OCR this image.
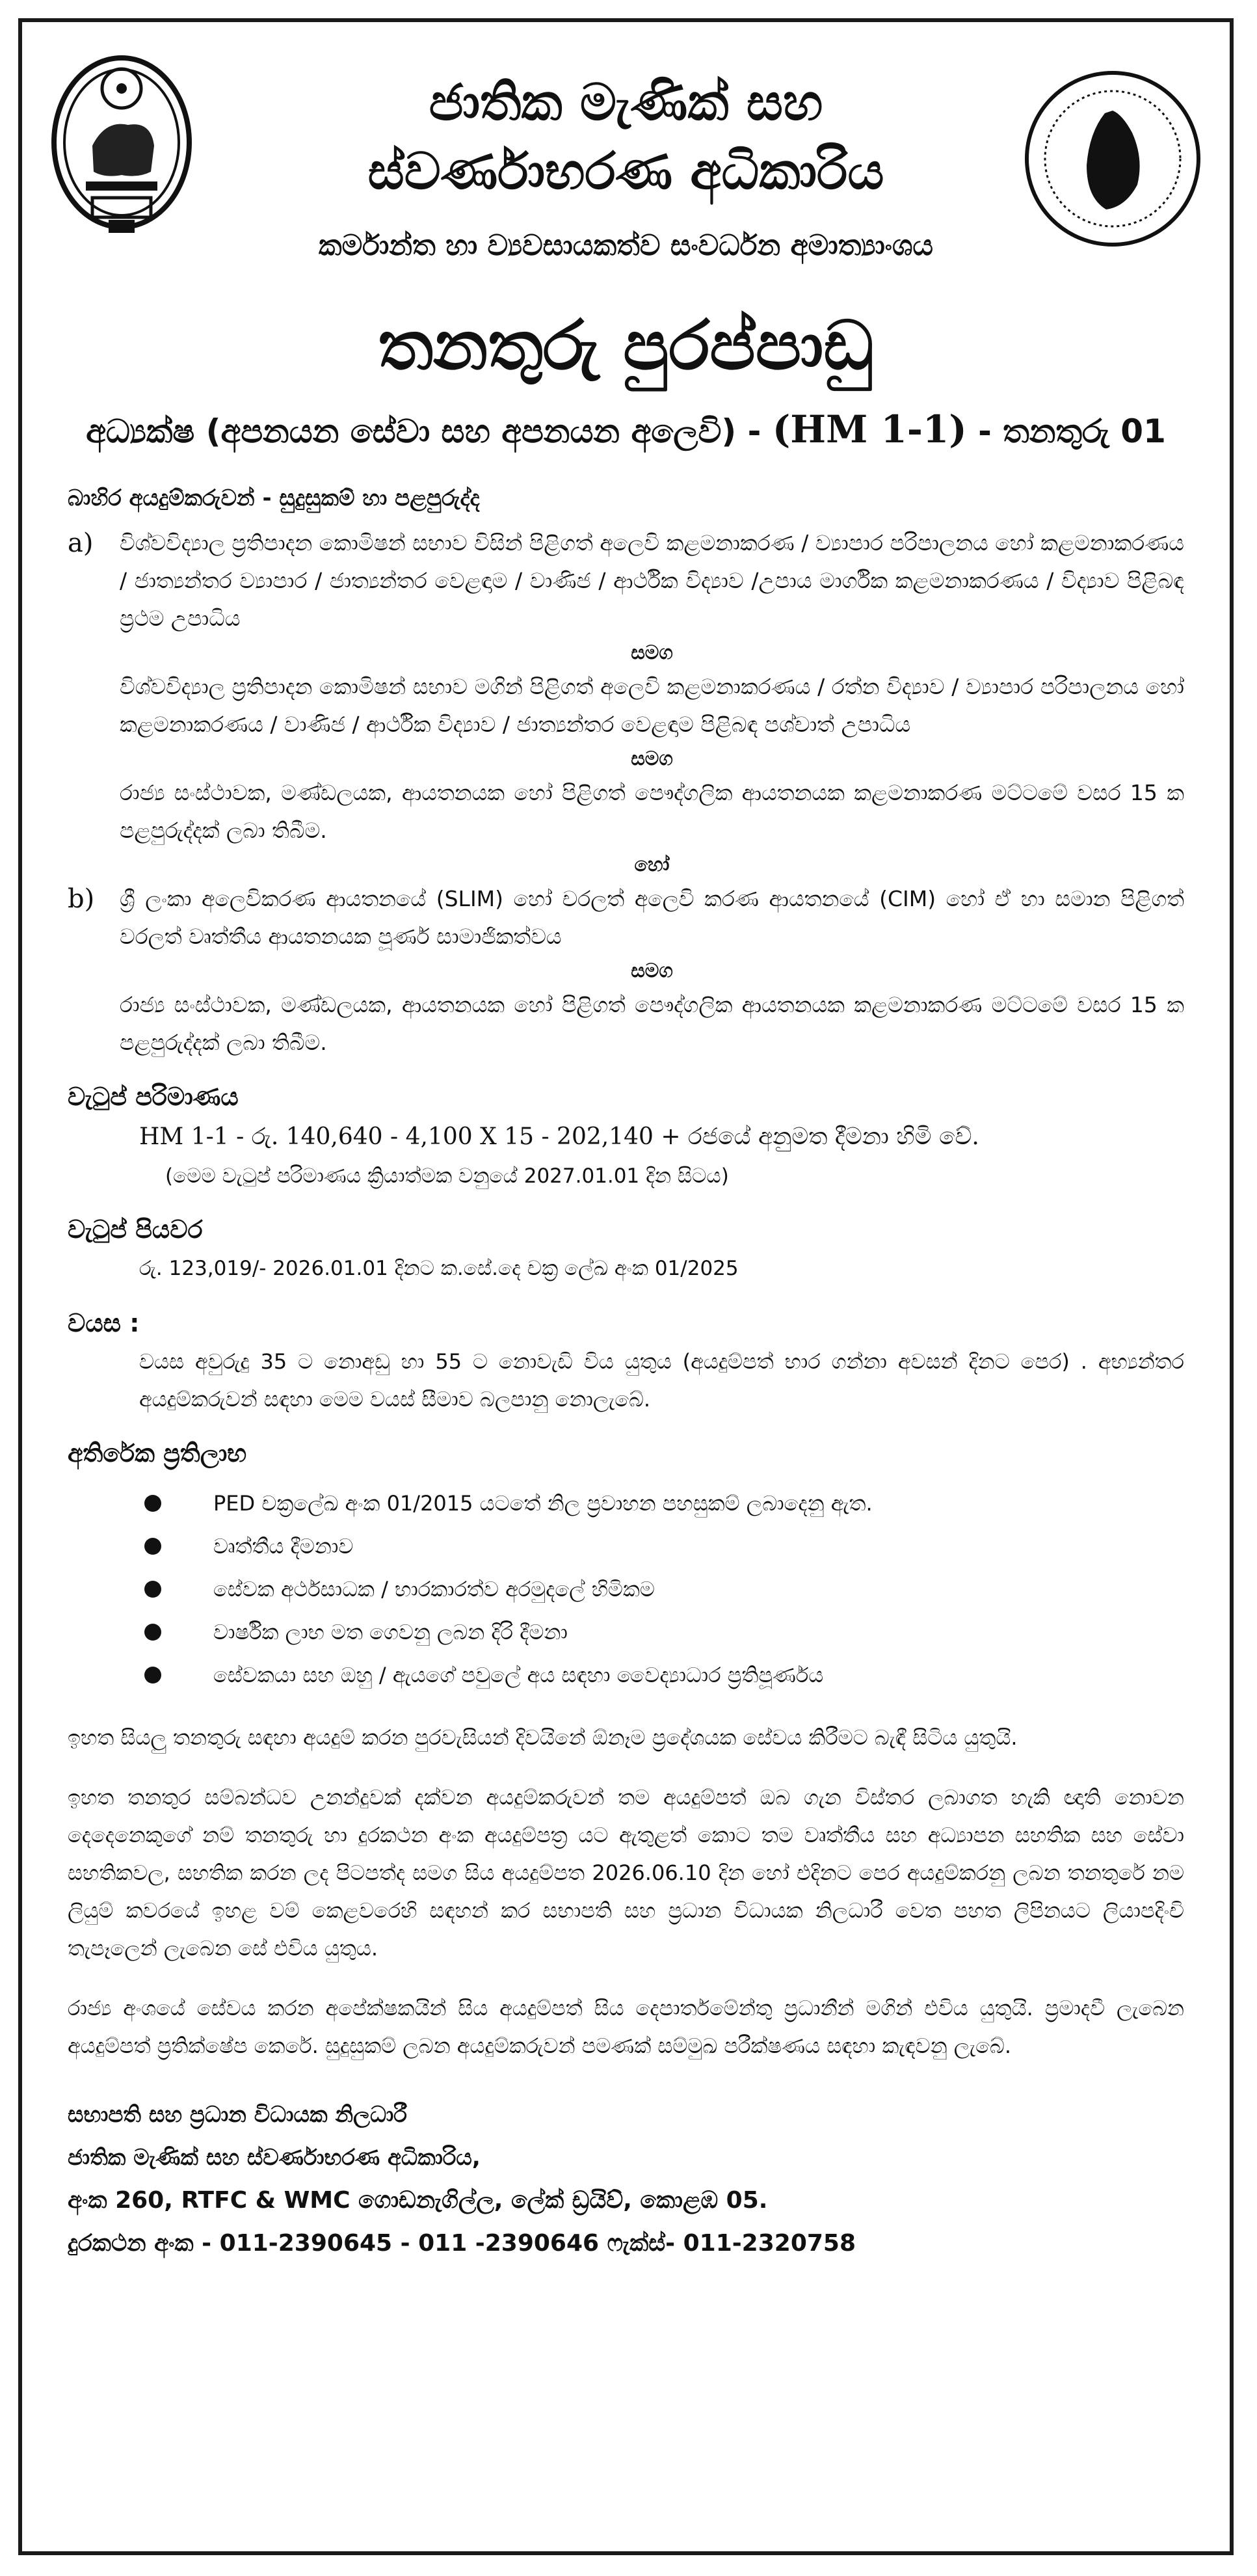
ජාතික මැණික් සහ
ස්වර්ණාභරණ අධිකාරිය
කර්මාන්ත හා ව්‍යවසායකත්ව සංවර්ධන අමාත්‍යාංශය
තනතුරු පුරප්පාඩු
අධ්‍යක්ෂ (අපනයන සේවා සහ අපනයන අලෙවි) - (HM 1-1) - තනතුරු 01
බාහිර අයදුම්කරුවන් - සුදුසුකම් හා පළපුරුද්ද
a)	විශ්වවිද්‍යාල ප්‍රතිපාදන කොමිෂන් සභාව විසින් පිළිගත් අලෙවි කළමනාකරණ / ව්‍යාපාර පරිපාලනය හෝ කළමනාකරණය / ජාත්‍යන්තර ව්‍යාපාර / ජාත්‍යන්තර වෙළඳාම / වාණිජ / ආර්ථික විද්‍යාව /උපාය මාර්ගික කළමනාකරණය / විද්‍යාව පිළිබඳ ප්‍රථම උපාධිය
සමග
විශ්වවිද්‍යාල ප්‍රතිපාදන කොමිෂන් සභාව මගින් පිළිගත් අලෙවි කළමනාකරණය / රත්න විද්‍යාව / ව්‍යාපාර පරිපාලනය හෝ කළමනාකරණය / වාණිජ / ආර්ථික විද්‍යාව / ජාත්‍යන්තර වෙළඳාම පිළිබඳ පශ්චාත් උපාධිය
සමග
රාජ්‍ය සංස්ථාවක, මණ්ඩලයක, ආයතනයක හෝ පිළිගත් පෞද්ගලික ආයතනයක කළමනාකරණ මට්ටමේ වසර 15 ක පළපුරුද්දක් ලබා තිබීම.
හෝ
b)	ශ්‍රී ලංකා අලෙවිකරණ ආයතනයේ (SLIM) හෝ චරලත් අලෙවි කරණ ආයතනයේ (CIM) හෝ ඒ හා සමාන පිළිගත් වරලත් වෘත්තීය ආයතනයක පූර්ණ සාමාජිකත්වය
සමග
රාජ්‍ය සංස්ථාවක, මණ්ඩලයක, ආයතනයක හෝ පිළිගත් පෞද්ගලික ආයතනයක කළමනාකරණ මට්ටමේ වසර 15 ක පළපුරුද්දක් ලබා තිබීම.
වැටුප් පරිමාණය
HM 1-1 - රු. 140,640 - 4,100 X 15 - 202,140 + රජයේ අනුමත දීමනා හිමි වේ.
(මෙම වැටුප් පරිමාණය ක්‍රියාත්මක වනුයේ 2027.01.01 දින සිටය)
වැටුප් පියවර
රු. 123,019/- 2026.01.01 දිනට ක.සේ.දෙ චක්‍ර ලේඛ අංක 01/2025
වයස :
වයස අවුරුදු 35 ට නොඅඩු හා 55 ට නොවැඩි විය යුතුය (අයදුම්පත් භාර ගන්නා අවසන් දිනට පෙර) . අභ්‍යන්තර අයදුම්කරුවන් සඳහා මෙම වයස් සීමාව බලපානු නොලැබේ.
අතිරේක ප්‍රතිලාභ
PED චක්‍රලේඛ අංක 01/2015 යටතේ නිල ප්‍රවාහන පහසුකම් ලබාදෙනු ඇත.
වෘත්තීය දීමනාව
සේවක අර්ථසාධක / භාරකාරත්ව අරමුදලේ හිමිකම
වාර්ෂික ලාභ මත ගෙවනු ලබන දිරි දීමනා
සේවකයා සහ ඔහු / ඇයගේ පවුලේ අය සඳහා වෛද්‍යාධාර ප්‍රතිපූර්ණය
ඉහත සියලු තනතුරු සඳහා අයදුම් කරන පුරවැසියන් දිවයිනේ ඕනෑම ප්‍රදේශයක සේවය කිරීමට බැඳී සිටිය යුතුයි.
ඉහත තනතුර සම්බන්ධව උනන්දුවක් දක්වන අයදුම්කරුවන් තම අයදුම්පත් ඔබ ගැන විස්තර ලබාගත හැකි ඥාති නොවන දෙදෙනෙකුගේ නම් තනතුරු හා දුරකථන අංක අයදුම්පත්‍ර යට ඇතුළත් කොට තම වෘත්තීය සහ අධ්‍යාපන සහතික සහ සේවා සහතිකවල, සහතික කරන ලද පිටපත්ද සමග සිය අයදුම්පත 2026.06.10 දින හෝ එදිනට පෙර අයදුම්කරනු ලබන තනතුරේ නම ලියුම් කවරයේ ඉහළ වම් කෙළවරෙහි සඳහන් කර සභාපති සහ ප්‍රධාන විධායක නිලධාරී වෙත පහත ලිපිනයට ලියාපදිංචි තැපෑලෙන් ලැබෙන සේ එවිය යුතුය.
රාජ්‍ය අංශයේ සේවය කරන අපේක්ෂකයින් සිය අයදුම්පත් සිය දෙපාර්තමේන්තු ප්‍රධානීන් මගින් එවිය යුතුයි. ප්‍රමාදවී ලැබෙන අයදුම්පත් ප්‍රතික්ෂේප කෙරේ. සුදුසුකම් ලබන අයදුම්කරුවන් පමණක් සම්මුඛ පරීක්ෂණය සඳහා කැඳවනු ලැබේ.
සභාපති සහ ප්‍රධාන විධායක නිලධාරී
ජාතික මැණික් සහ ස්වර්ණාභරණ අධිකාරිය,
අංක 260, RTFC & WMC ගොඩනැගිල්ල, ලේක් ඩ්‍රයිව්, කොළඹ 05.
දුරකථන අංක - 011-2390645 - 011 -2390646 ෆැක්ස්- 011-2320758
